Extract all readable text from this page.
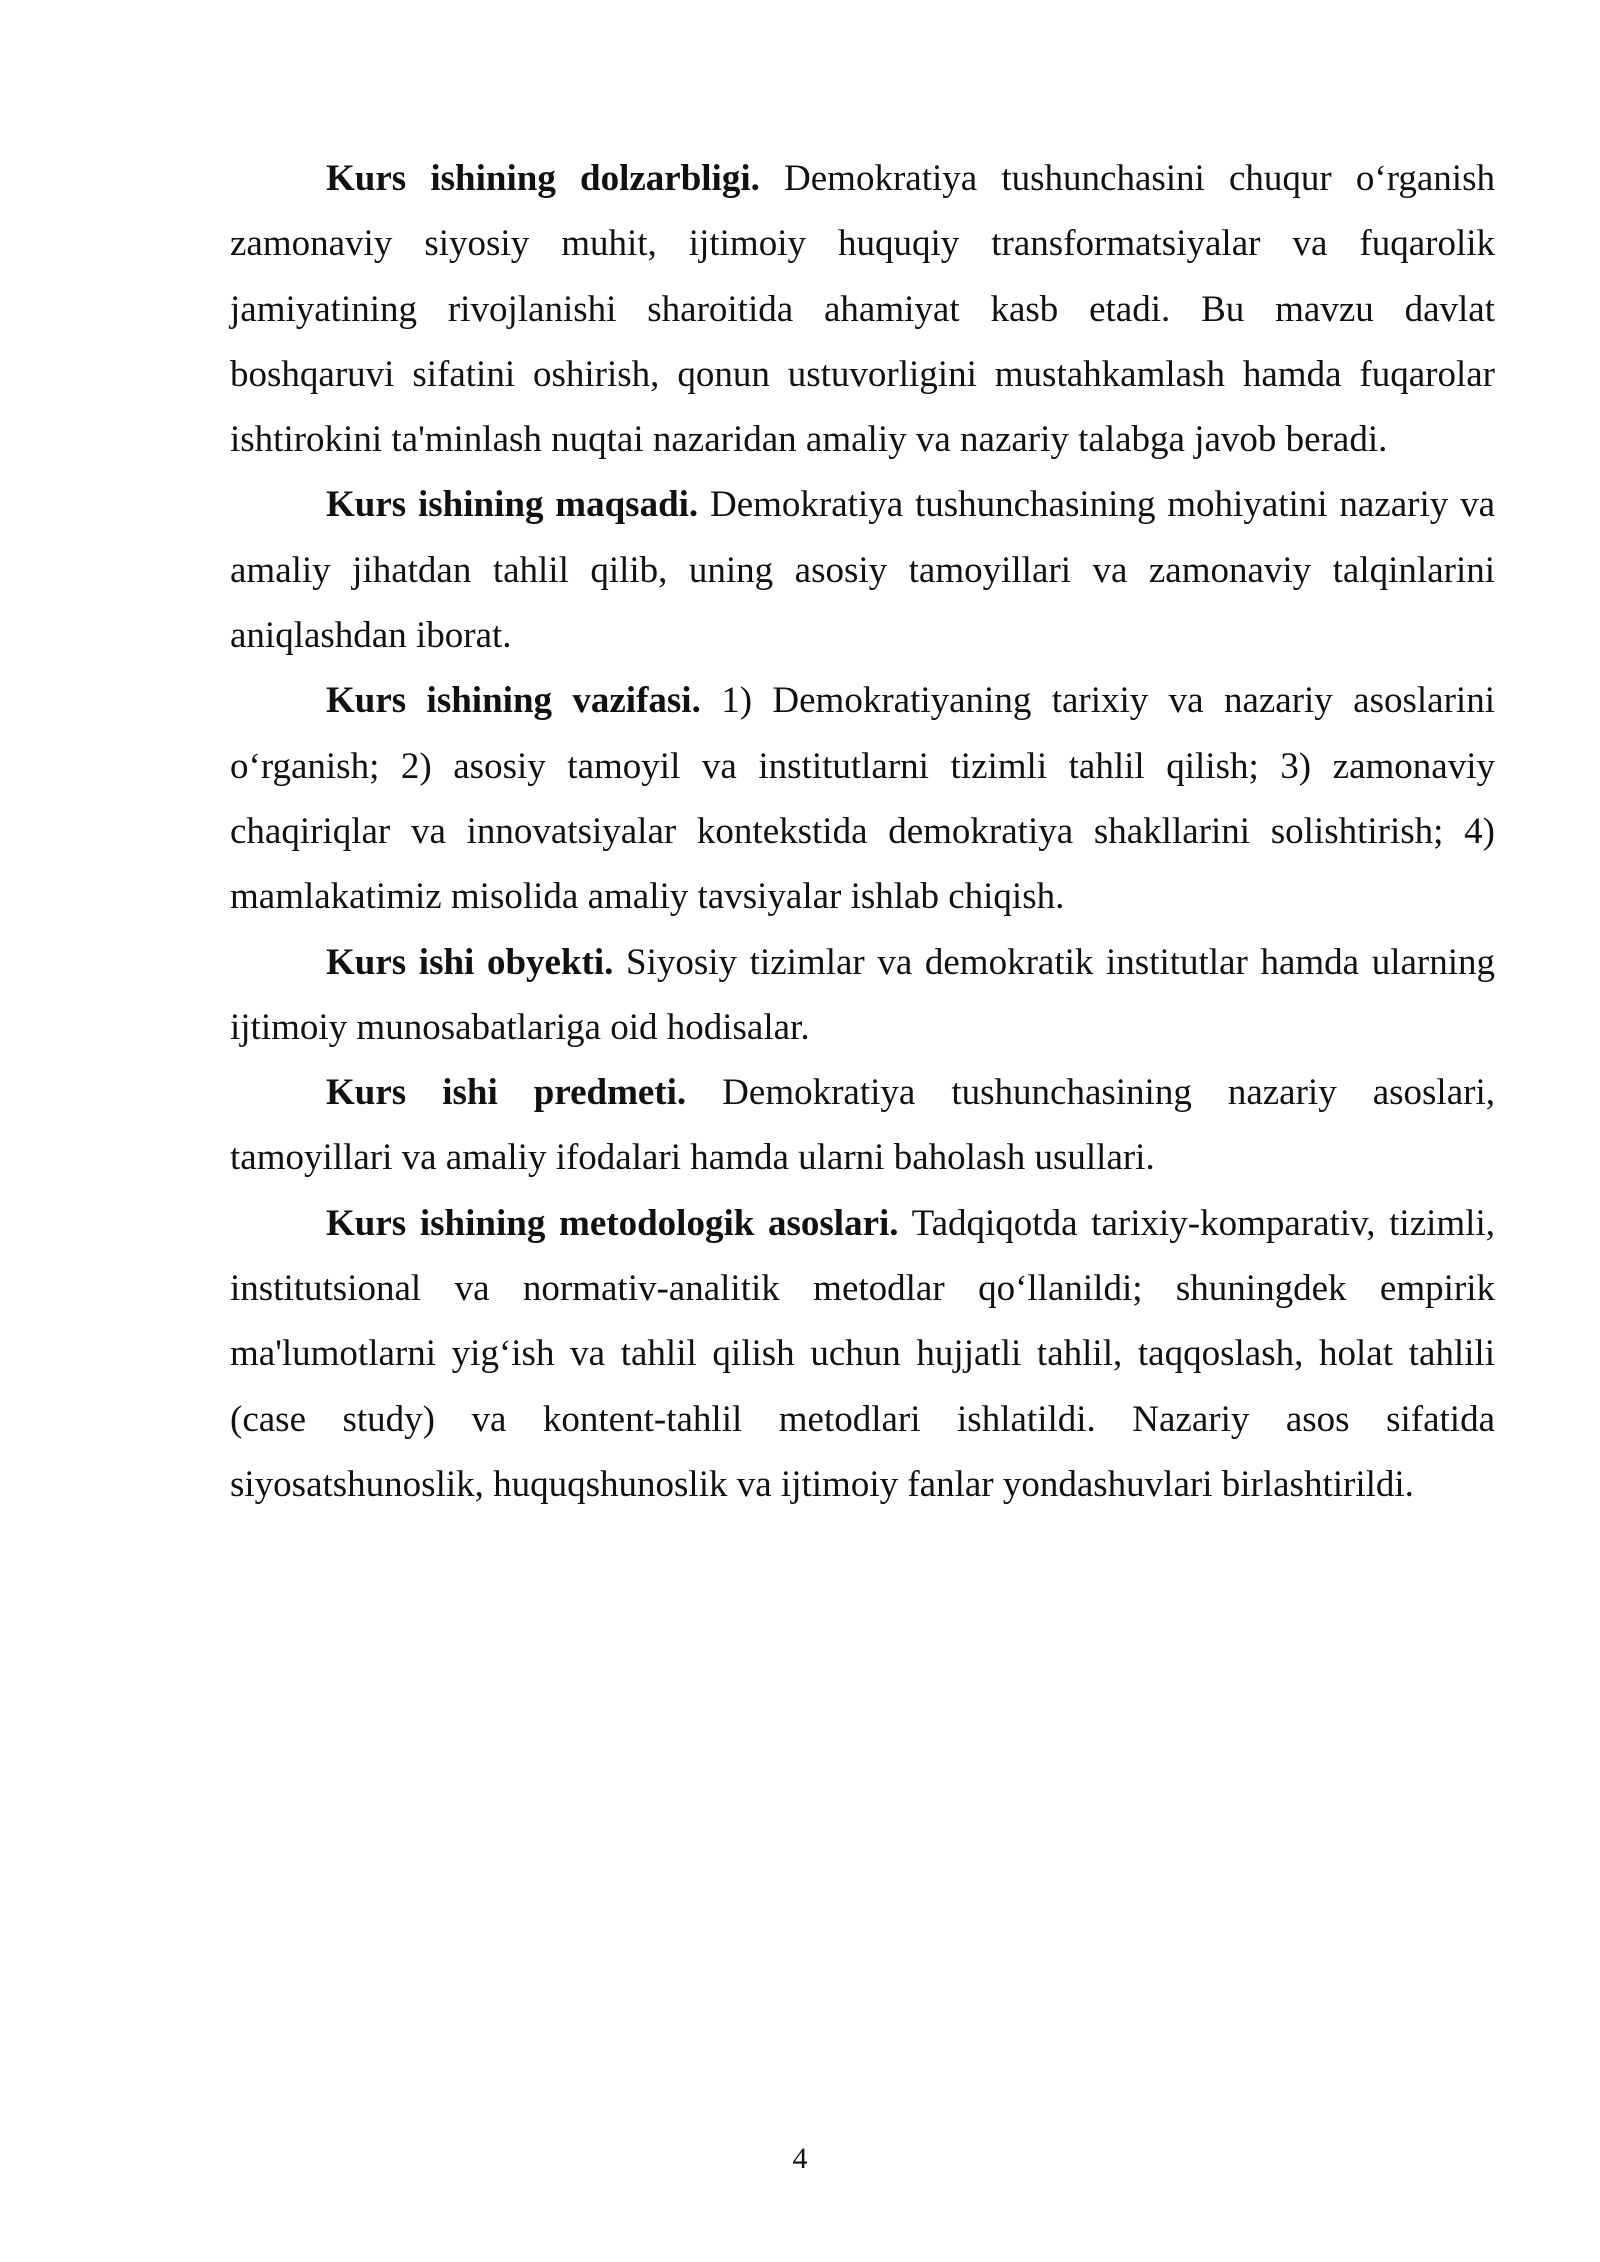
Kurs ishining dolzarbligi. Demokratiya tushunchasini chuqur o‘rganish zamonaviy siyosiy muhit, ijtimoiy huquqiy transformatsiyalar va fuqarolik jamiyatining rivojlanishi sharoitida ahamiyat kasb etadi. Bu mavzu davlat boshqaruvi sifatini oshirish, qonun ustuvorligini mustahkamlash hamda fuqarolar ishtirokini ta'minlash nuqtai nazaridan amaliy va nazariy talabga javob beradi.

Kurs ishining maqsadi. Demokratiya tushunchasining mohiyatini nazariy va amaliy jihatdan tahlil qilib, uning asosiy tamoyillari va zamonaviy talqinlarini aniqlashdan iborat.

Kurs ishining vazifasi. 1) Demokratiyaning tarixiy va nazariy asoslarini o‘rganish; 2) asosiy tamoyil va institutlarni tizimli tahlil qilish; 3) zamonaviy chaqiriqlar va innovatsiyalar kontekstida demokratiya shakllarini solishtirish; 4) mamlakatimiz misolida amaliy tavsiyalar ishlab chiqish.

Kurs ishi obyekti. Siyosiy tizimlar va demokratik institutlar hamda ularning ijtimoiy munosabatlariga oid hodisalar.

Kurs ishi predmeti. Demokratiya tushunchasining nazariy asoslari, tamoyillari va amaliy ifodalari hamda ularni baholash usullari.

Kurs ishining metodologik asoslari. Tadqiqotda tarixiy-komparativ, tizimli, institutsional va normativ-analitik metodlar qo‘llanildi; shuningdek empirik ma'lumotlarni yig‘ish va tahlil qilish uchun hujjatli tahlil, taqqoslash, holat tahlili (case study) va kontent-tahlil metodlari ishlatildi. Nazariy asos sifatida siyosatshunoslik, huquqshunoslik va ijtimoiy fanlar yondashuvlari birlashtirildi.

4
